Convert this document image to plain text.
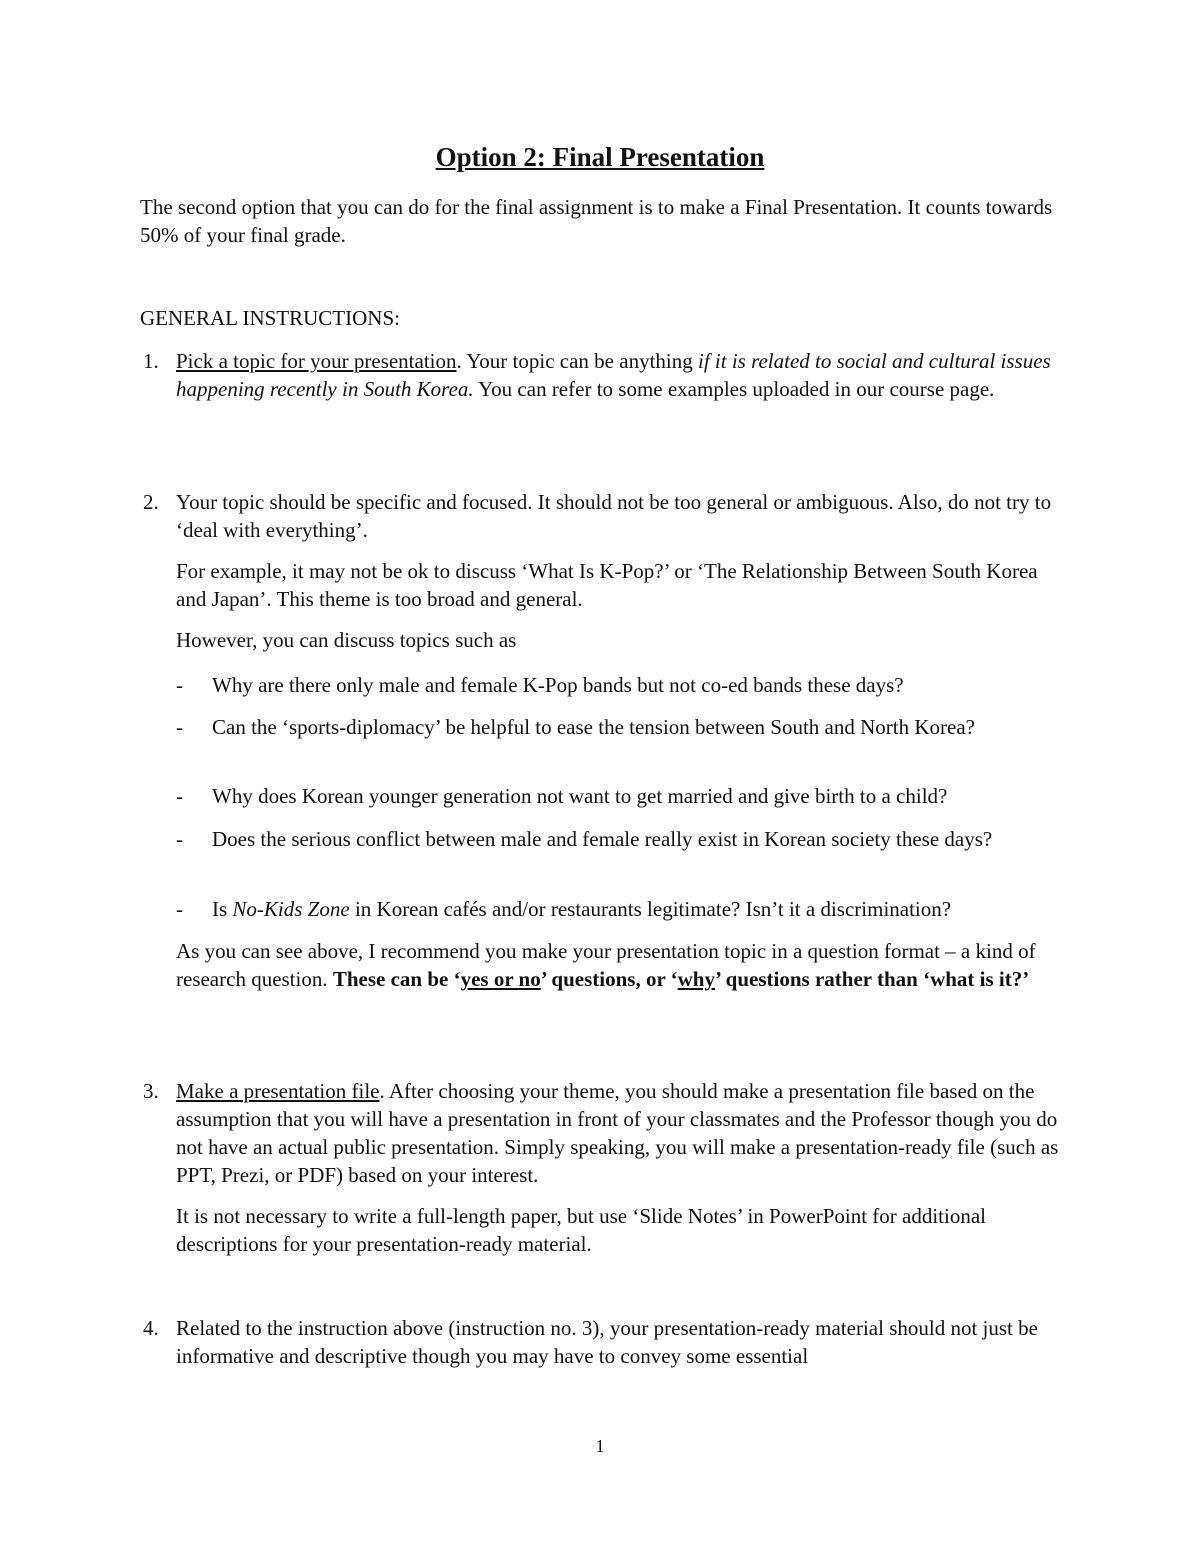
Option 2: Final Presentation
The second option that you can do for the final assignment is to make a Final Presentation. It counts towards 50% of your final grade.
GENERAL INSTRUCTIONS:
1. Pick a topic for your presentation. Your topic can be anything if it is related to social and cultural issues happening recently in South Korea. You can refer to some examples uploaded in our course page.
2. Your topic should be specific and focused. It should not be too general or ambiguous. Also, do not try to ‘deal with everything’.
For example, it may not be ok to discuss ‘What Is K-Pop?’ or ‘The Relationship Between South Korea and Japan’. This theme is too broad and general.
However, you can discuss topics such as
- Why are there only male and female K-Pop bands but not co-ed bands these days?
- Can the ‘sports-diplomacy’ be helpful to ease the tension between South and North Korea?
- Why does Korean younger generation not want to get married and give birth to a child?
- Does the serious conflict between male and female really exist in Korean society these days?
- Is No-Kids Zone in Korean cafés and/or restaurants legitimate? Isn’t it a discrimination?
As you can see above, I recommend you make your presentation topic in a question format – a kind of research question. These can be ‘yes or no’ questions, or ‘why’ questions rather than ‘what is it?’
3. Make a presentation file. After choosing your theme, you should make a presentation file based on the assumption that you will have a presentation in front of your classmates and the Professor though you do not have an actual public presentation. Simply speaking, you will make a presentation-ready file (such as PPT, Prezi, or PDF) based on your interest.
It is not necessary to write a full-length paper, but use ‘Slide Notes’ in PowerPoint for additional descriptions for your presentation-ready material.
4. Related to the instruction above (instruction no. 3), your presentation-ready material should not just be informative and descriptive though you may have to convey some essential
1
